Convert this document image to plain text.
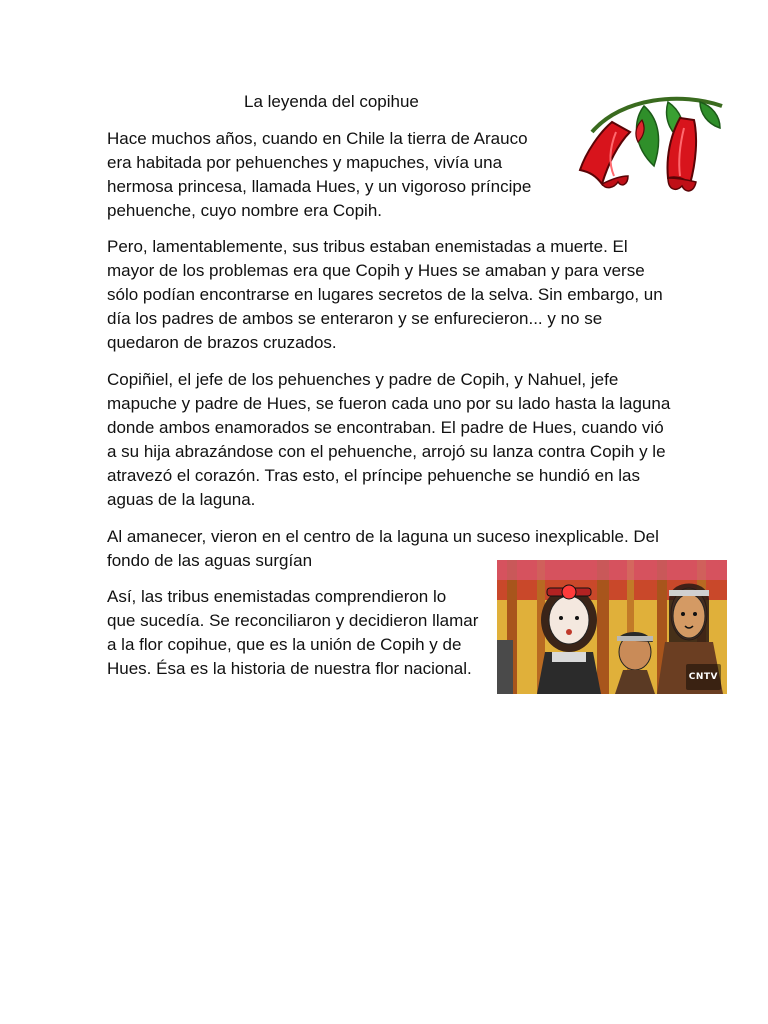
La leyenda del copihue

Hace muchos años, cuando en Chile la tierra de Arauco era habitada por pehuenches y mapuches, vivía una hermosa princesa, llamada Hues, y un vigoroso príncipe pehuenche, cuyo nombre era Copih.

Pero, lamentablemente, sus tribus estaban enemistadas a muerte. El mayor de los problemas era que Copih y Hues se amaban y para verse sólo podían encontrarse en lugares secretos de la selva. Sin embargo, un día los padres de ambos se enteraron y se enfurecieron... y no se quedaron de brazos cruzados.

Copiñiel, el jefe de los pehuenches y padre de Copih, y Nahuel, jefe mapuche y padre de Hues, se fueron cada uno por su lado hasta la laguna donde ambos enamorados se encontraban. El padre de Hues, cuando vió a su hija abrazándose con el pehuenche, arrojó su lanza contra Copih y le atravezó el corazón. Tras esto, el príncipe pehuenche se hundió en las aguas de la laguna.

Al amanecer, vieron en el centro de la laguna un suceso inexplicable. Del fondo de las aguas surgían

Así, las tribus enemistadas comprendieron lo que sucedía. Se reconciliaron y decidieron llamar a la flor copihue, que es la unión de Copih y de Hues. Ésa es la historia de nuestra flor nacional.	CNTV
